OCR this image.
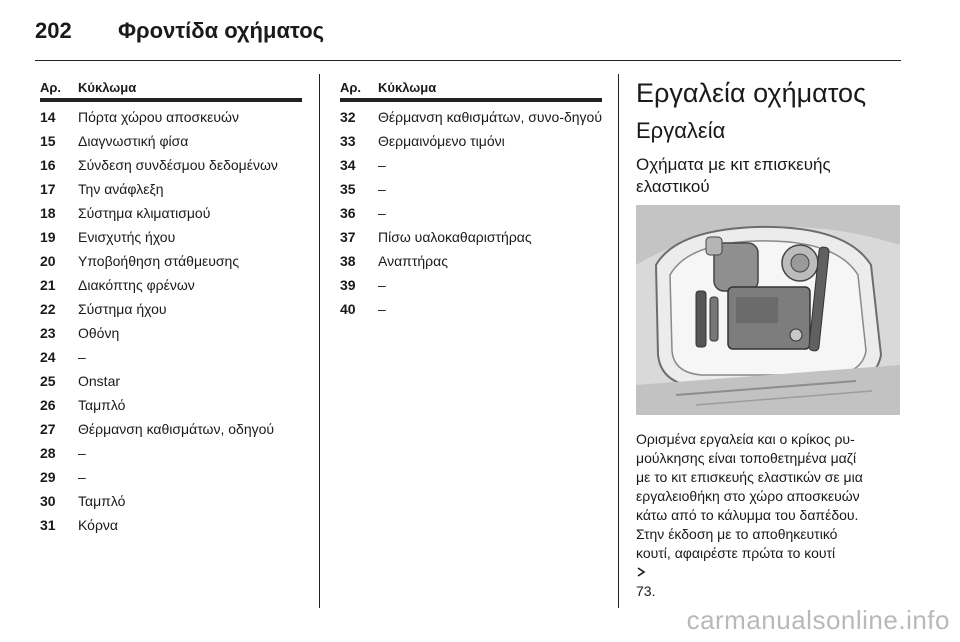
202 Φροντίδα οχήματος
Αρ.	Κύκλωμα
14	Πόρτα χώρου αποσκευών
15	Διαγνωστική φίσα
16	Σύνδεση συνδέσμου δεδομένων
17	Την ανάφλεξη
18	Σύστημα κλιματισμού
19	Ενισχυτής ήχου
20	Υποβοήθηση στάθμευσης
21	Διακόπτης φρένων
22	Σύστημα ήχου
23	Οθόνη
24	–
25	Onstar
26	Ταμπλό
27	Θέρμανση καθισμάτων, οδηγού
28	–
29	–
30	Ταμπλό
31	Κόρνα
Αρ.	Κύκλωμα
32	Θέρμανση καθισμάτων, συνο-δηγού
33	Θερμαινόμενο τιμόνι
34	–
35	–
36	–
37	Πίσω υαλοκαθαριστήρας
38	Αναπτήρας
39	–
40	–
Εργαλεία οχήματος
Εργαλεία
Οχήματα με κιτ επισκευής ελαστικού
Ορισμένα εργαλεία και ο κρίκος ρυ-
μούλκησης είναι τοποθετημένα μαζί
με το κιτ επισκευής ελαστικών σε μια
εργαλειοθήκη στο χώρο αποσκευών
κάτω από το κάλυμμα του δαπέδου.
Στην έκδοση με το αποθηκευτικό
κουτί, αφαιρέστε πρώτα το κουτί
73.
carmanualsonline.info
